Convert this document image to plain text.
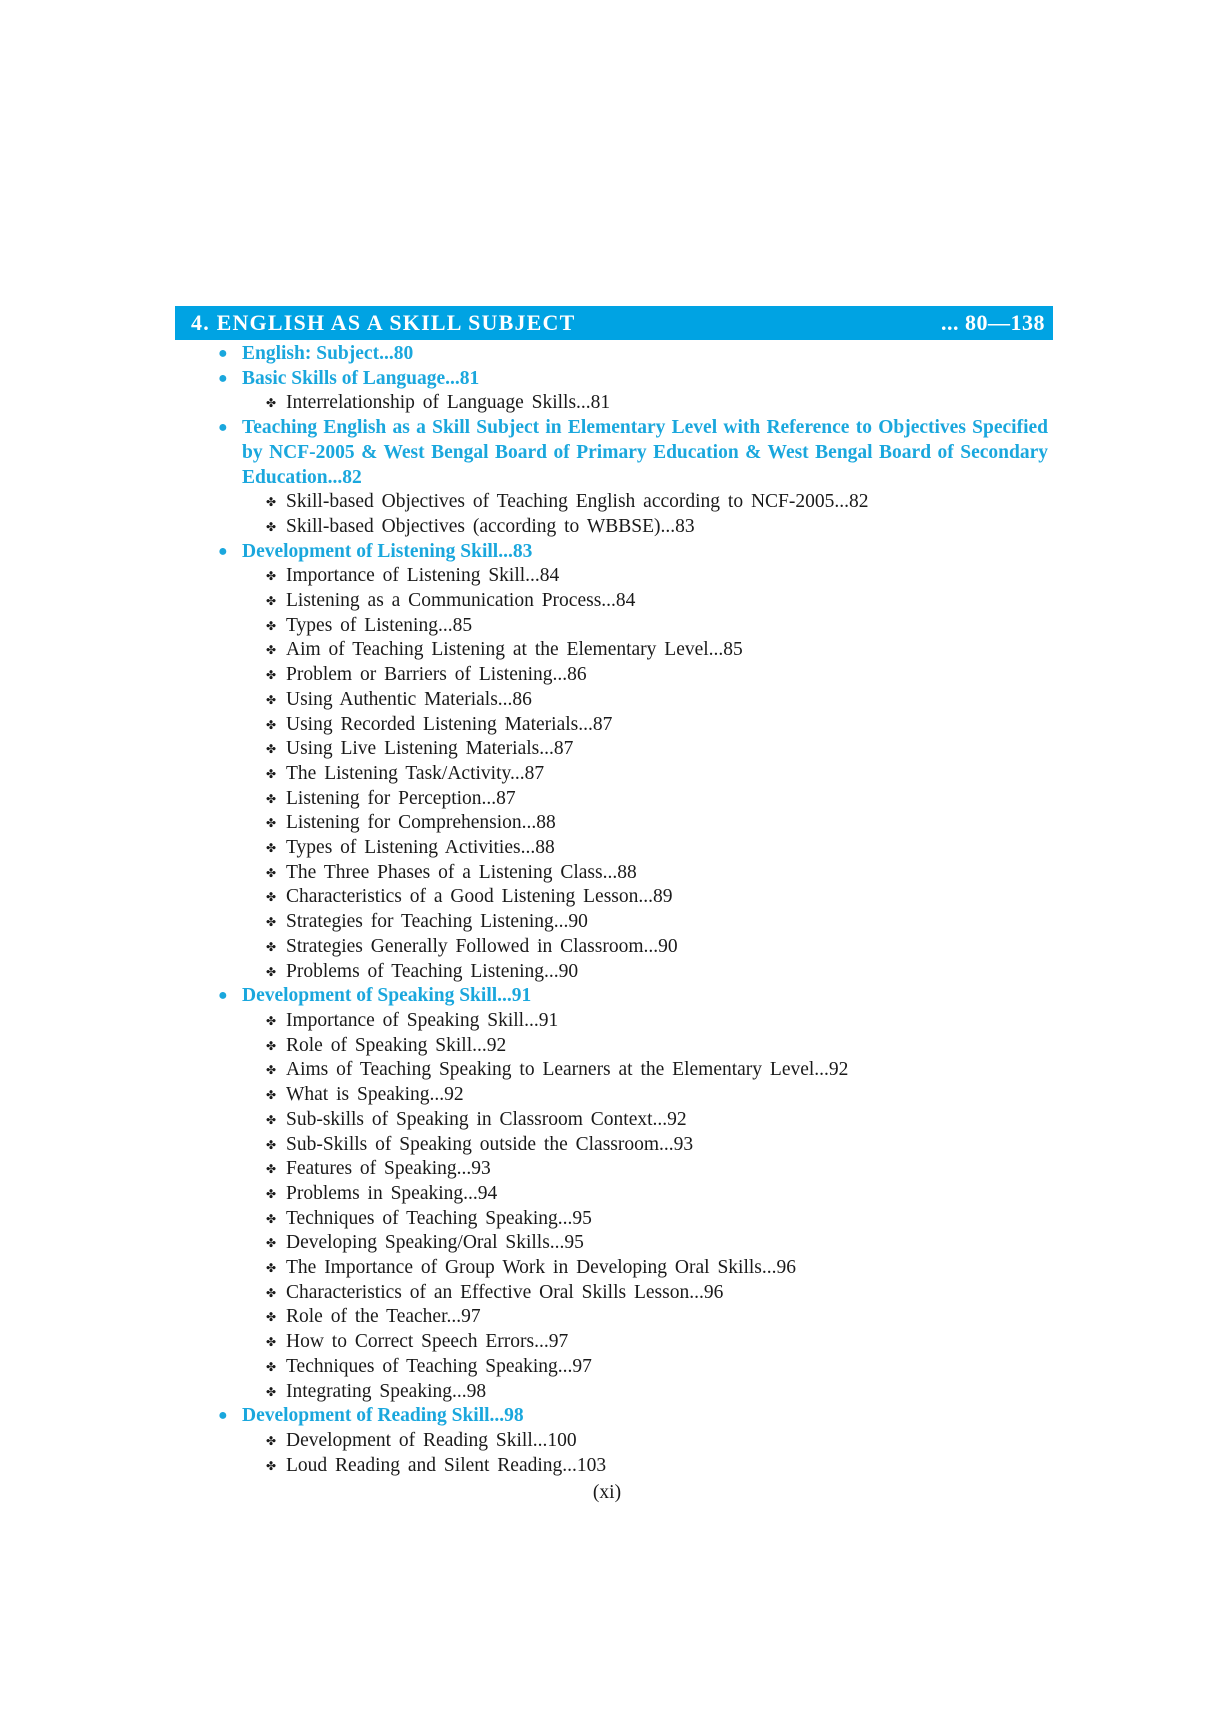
4. ENGLISH AS A SKILL SUBJECT	... 80—138
● English: Subject...80
● Basic Skills of Language...81
✤ Interrelationship of Language Skills...81
● Teaching English as a Skill Subject in Elementary Level with Reference to Objectives Specified by NCF-2005 & West Bengal Board of Primary Education & West Bengal Board of Secondary Education...82
✤ Skill-based Objectives of Teaching English according to NCF-2005...82
✤ Skill-based Objectives (according to WBBSE)...83
● Development of Listening Skill...83
✤ Importance of Listening Skill...84
✤ Listening as a Communication Process...84
✤ Types of Listening...85
✤ Aim of Teaching Listening at the Elementary Level...85
✤ Problem or Barriers of Listening...86
✤ Using Authentic Materials...86
✤ Using Recorded Listening Materials...87
✤ Using Live Listening Materials...87
✤ The Listening Task/Activity...87
✤ Listening for Perception...87
✤ Listening for Comprehension...88
✤ Types of Listening Activities...88
✤ The Three Phases of a Listening Class...88
✤ Characteristics of a Good Listening Lesson...89
✤ Strategies for Teaching Listening...90
✤ Strategies Generally Followed in Classroom...90
✤ Problems of Teaching Listening...90
● Development of Speaking Skill...91
✤ Importance of Speaking Skill...91
✤ Role of Speaking Skill...92
✤ Aims of Teaching Speaking to Learners at the Elementary Level...92
✤ What is Speaking...92
✤ Sub-skills of Speaking in Classroom Context...92
✤ Sub-Skills of Speaking outside the Classroom...93
✤ Features of Speaking...93
✤ Problems in Speaking...94
✤ Techniques of Teaching Speaking...95
✤ Developing Speaking/Oral Skills...95
✤ The Importance of Group Work in Developing Oral Skills...96
✤ Characteristics of an Effective Oral Skills Lesson...96
✤ Role of the Teacher...97
✤ How to Correct Speech Errors...97
✤ Techniques of Teaching Speaking...97
✤ Integrating Speaking...98
● Development of Reading Skill...98
✤ Development of Reading Skill...100
✤ Loud Reading and Silent Reading...103
(xi)
